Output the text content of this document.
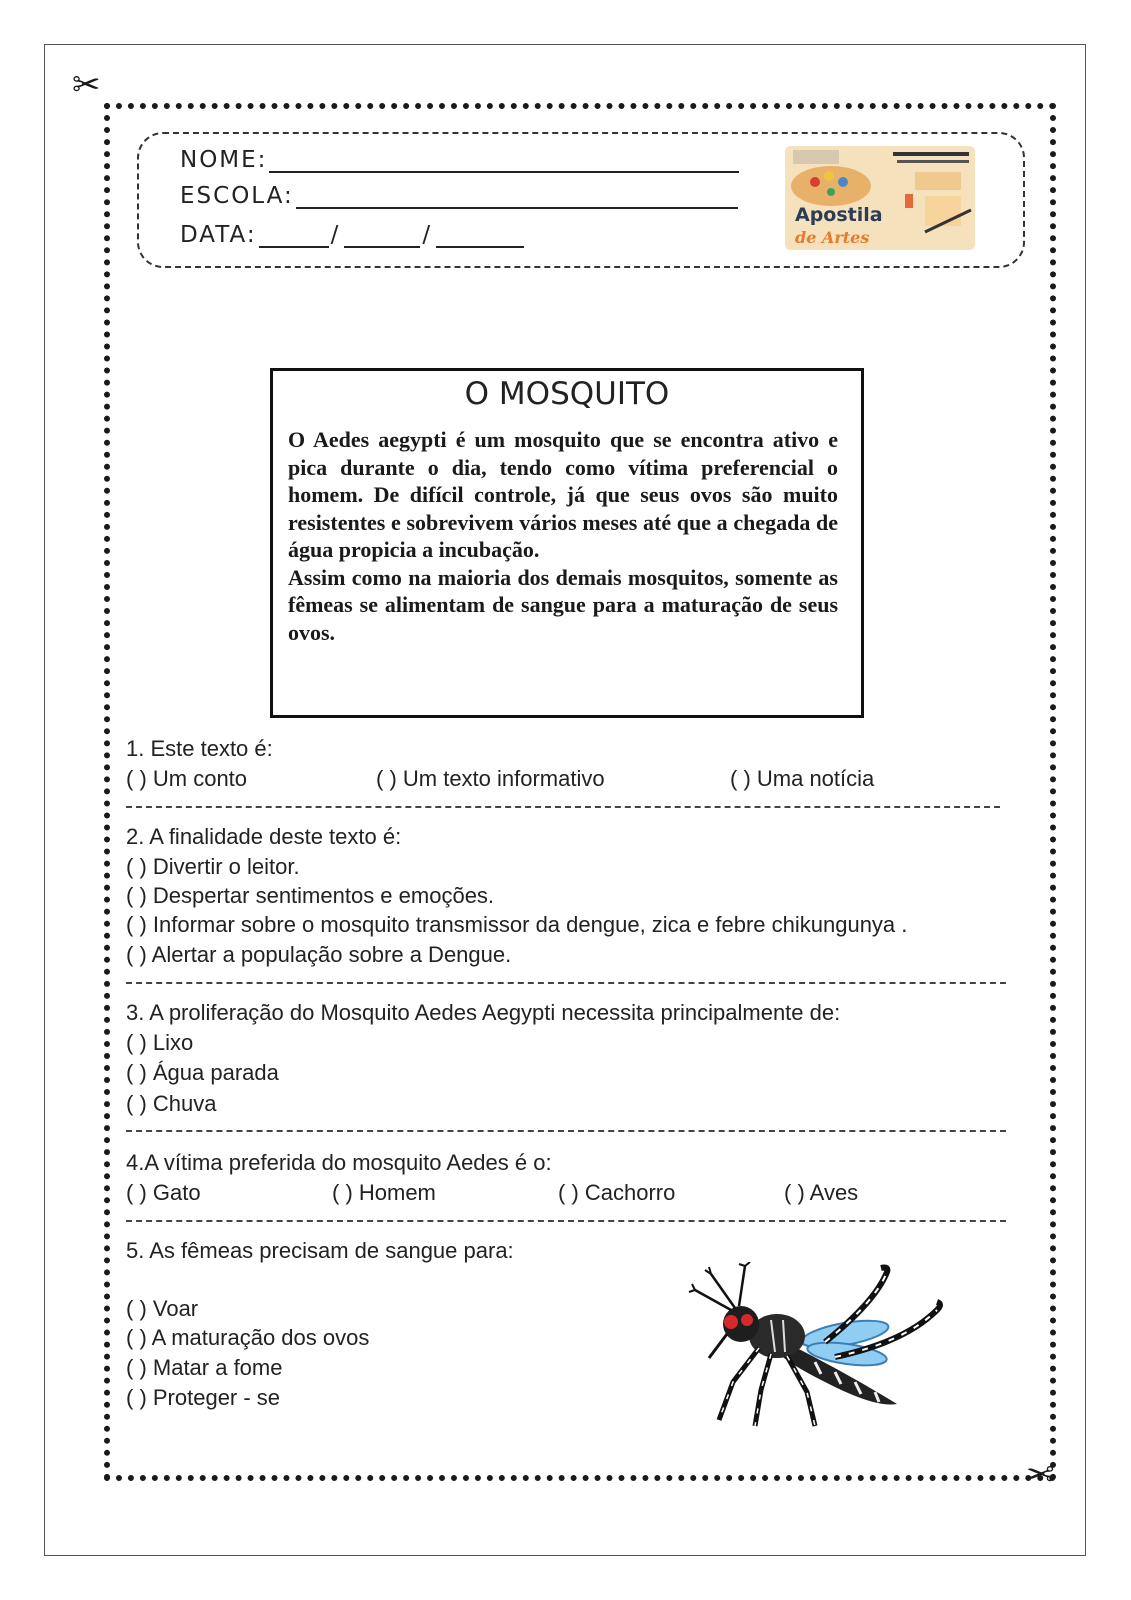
✂
✂
NOME:
ESCOLA:
DATA:	/	/
Apostila
de Artes
O MOSQUITO

O Aedes aegypti é um mosquito que se encontra ativo e pica durante o dia, tendo como vítima preferencial o homem. De difícil controle, já que seus ovos são muito resistentes e sobrevivem vários meses até que a chegada de água propicia a incubação.

Assim como na maioria dos demais mosquitos, somente as fêmeas se alimentam de sangue para a maturação de seus ovos.

1. Este texto é:
( ) Um conto	( ) Um texto informativo	( ) Uma notícia
2. A finalidade deste texto é:
( ) Divertir o leitor.
( ) Despertar sentimentos e emoções.
( ) Informar sobre o mosquito transmissor da dengue, zica e febre chikungunya .
( ) Alertar a população sobre a Dengue.
3. A proliferação do Mosquito Aedes Aegypti necessita principalmente de:
( ) Lixo
( ) Água parada
( ) Chuva
4.A vítima preferida do mosquito Aedes é o:
( ) Gato	( ) Homem	( ) Cachorro	( ) Aves
5. As fêmeas precisam de sangue para:
( ) Voar
( ) A maturação dos ovos
( ) Matar a fome
( ) Proteger - se
